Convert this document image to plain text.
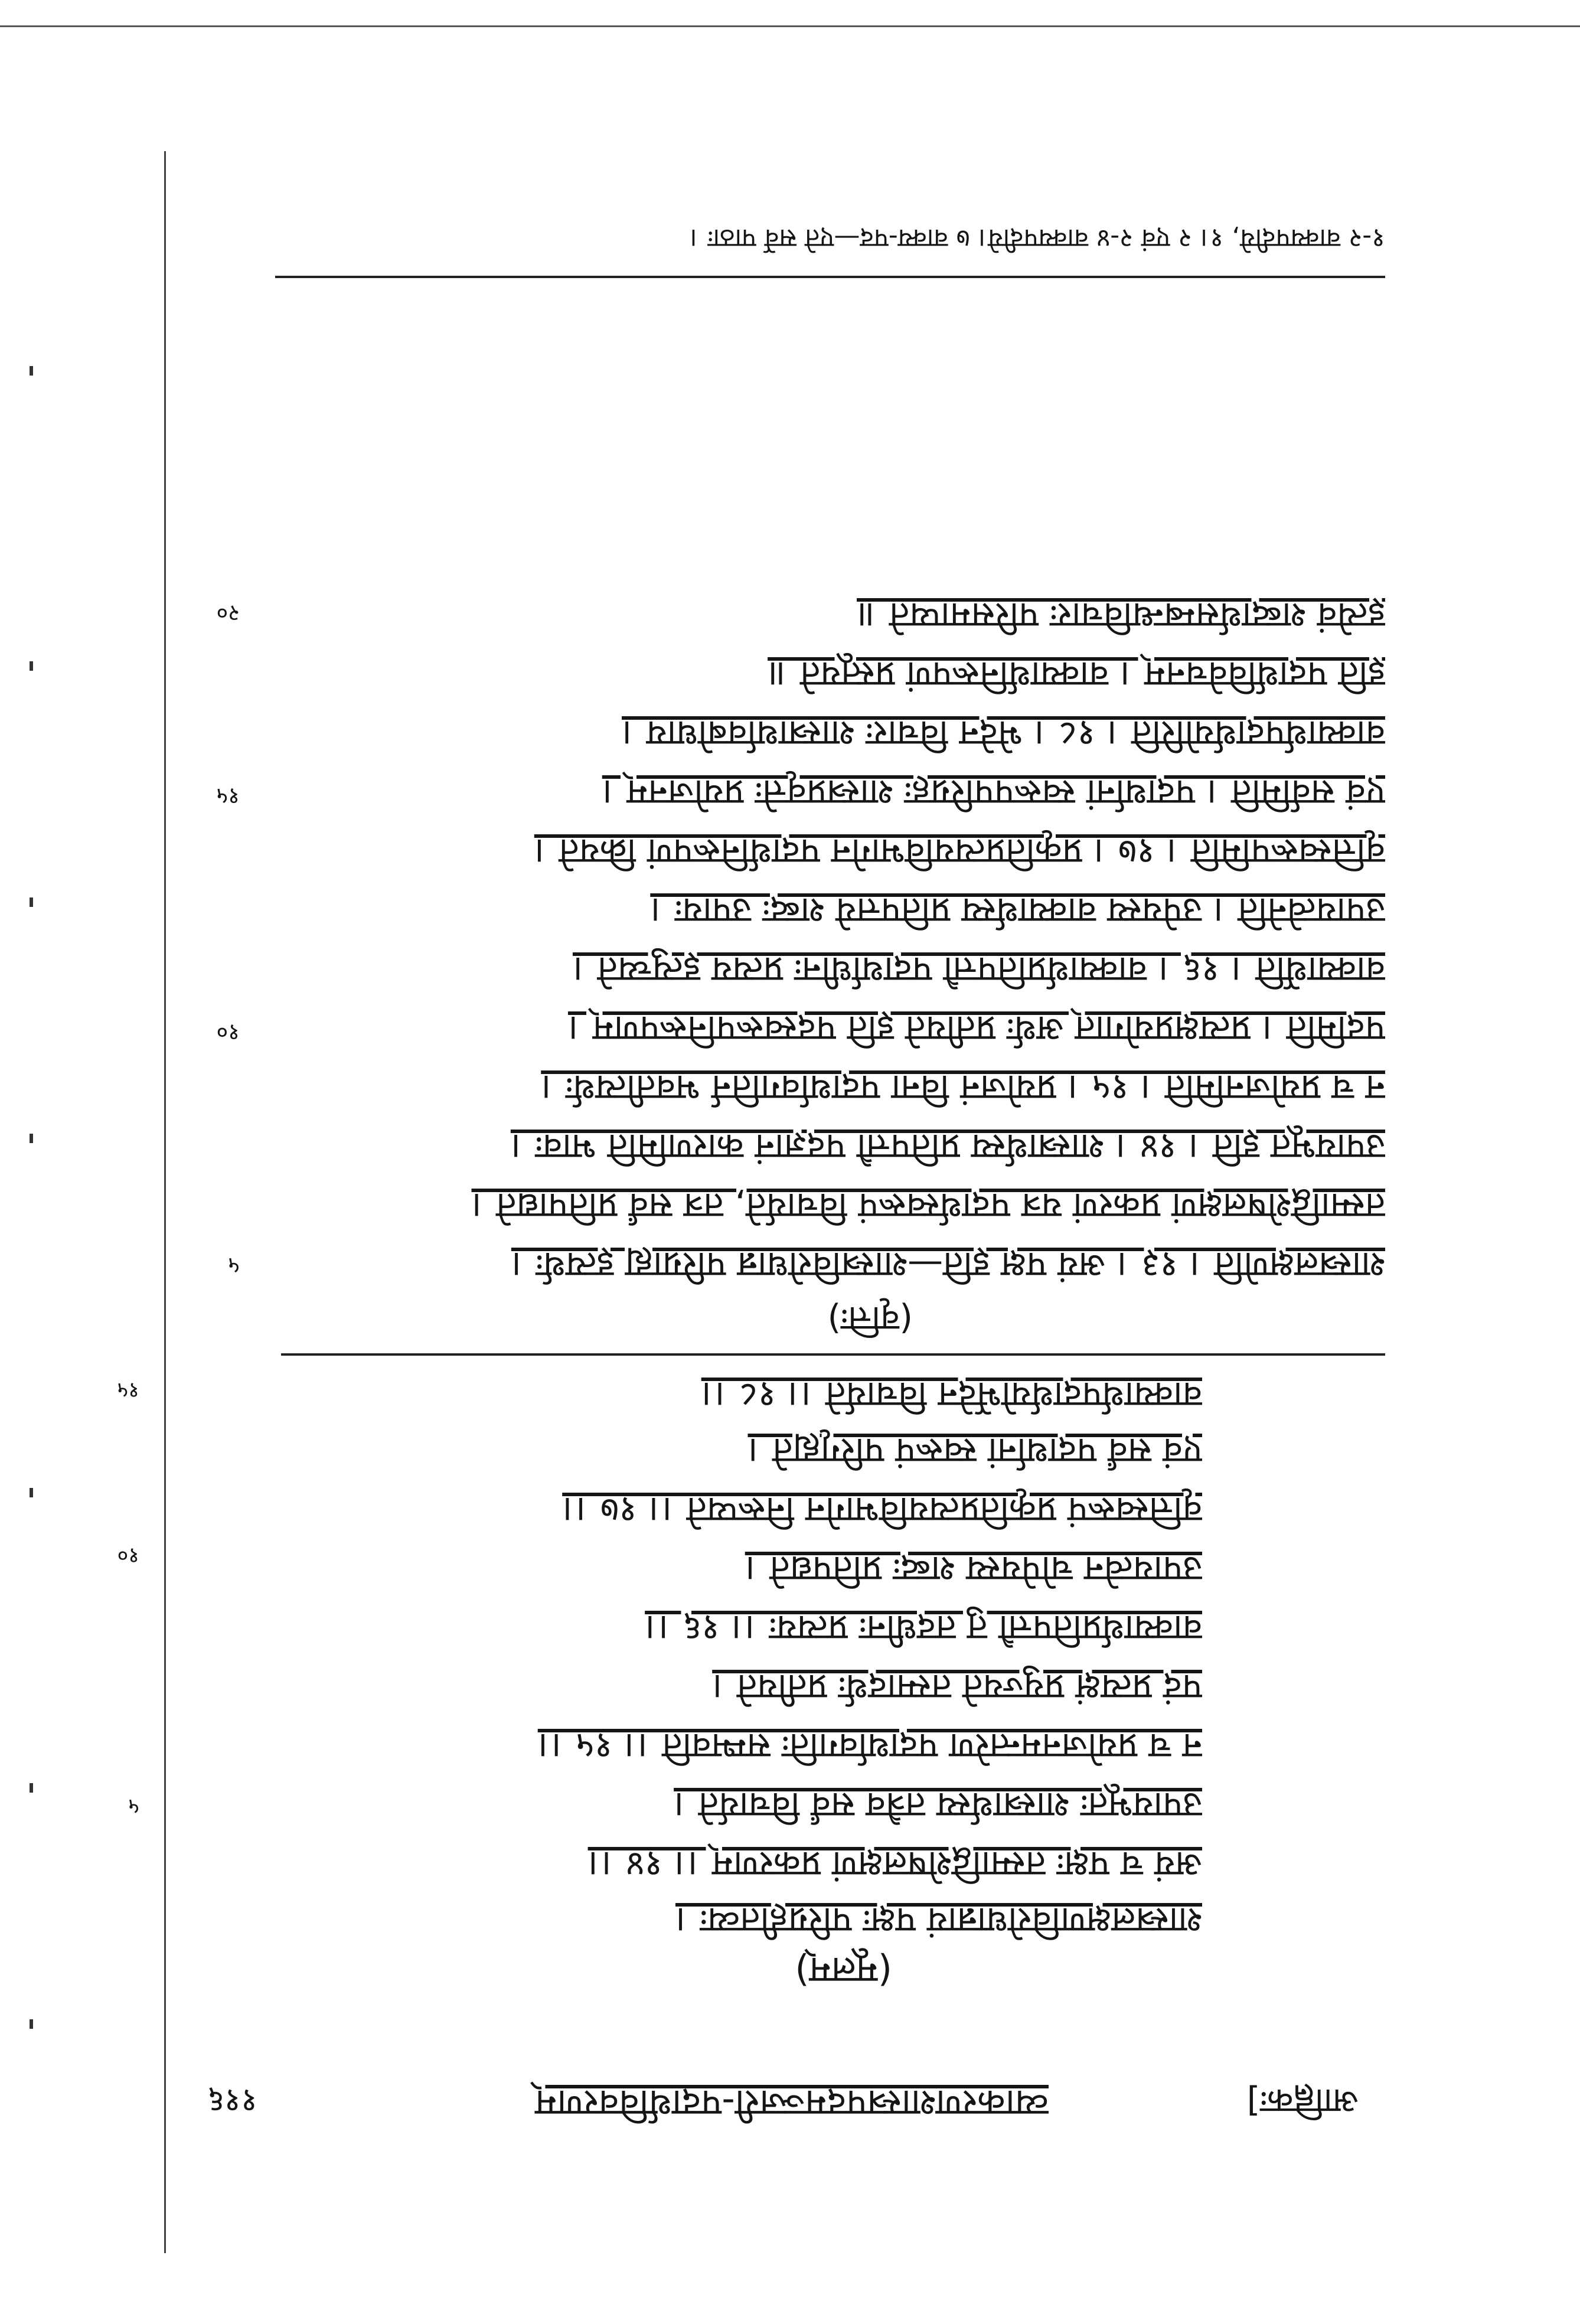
आह्निकः]
व्याकरणशास्त्रपदमञ्जरी-पदार्थविवरणम्
११६
(मूलम्)
शास्त्रलक्षणविरोधान्नायं पक्षः परिग्रहीतव्यः ।
अयं च पक्षः तस्माद्विशेषलक्षणं प्रकरणम् ।। १४ ।।
उपायभूतः शास्त्रार्थस्य तत्रैव सर्वं विचार्यते ।
न च प्रयोजनमन्तरेण पदार्थावगतिः सम्भवति ।। १५ ।।
पदं प्रत्यक्षं प्रयुज्यते तस्मादर्थः प्रतीयते ।
वाक्यार्थप्रतिपत्तौ तु तदधीनः प्रत्ययः ।। १६ ।।
उपायत्वेन चोपेयस्य शब्दः प्रतिपद्यते ।
वृत्तिस्वरूपं प्रकृतिप्रत्ययविभागेन निरूप्यते ।। १७ ।।
एवं सर्वं पदार्थानां स्वरूपं परिगृह्यते ।
वाक्यार्थपदार्थयोर्भेदेन विचार्यते ।। १८ ।।
५
१०
१५
(वृत्तिः)
शास्त्रलक्षणेति । १३ । अयं पक्ष इति—शास्त्रविरोधान्न परिग्राह्य इत्यर्थः ।
तस्माद्विशेषलक्षणं प्रकरणं यत्र पदार्थस्वरूपं विचार्यते, तत्र सर्वं प्रतिपाद्यते ।
उपायभूत इति । १४ । शास्त्रार्थस्य प्रतिपत्तौ पदज्ञानं कारणमिति भावः ।
न च प्रयोजनमिति । १५ । प्रयोजनं विना पदार्थावगतिर्न भवतीत्यर्थः ।
पदमिति । प्रत्यक्षप्रयोगात् अर्थः प्रतीयते इति पदस्वरूपनिरूपणम् ।
वाक्यार्थेति । १६ । वाक्यार्थप्रतिपत्तौ पदार्थाधीनः प्रत्यय इत्युच्यते ।
उपायत्वेनेति । उपेयस्य वाक्यार्थस्य प्रतिपत्तये शब्दः उपायः ।
वृत्तिस्वरूपमिति । १७ । प्रकृतिप्रत्ययविभागेन पदार्थनिरूपणं क्रियते ।
एवं सर्वमिति । पदार्थानां स्वरूपपरिग्रहः शास्त्रप्रवृत्तेः प्रयोजनम् ।
वाक्यार्थपदार्थयोरिति । १८ । भेदेन विचारः शास्त्रार्थावबोधाय ।
इति पदार्थविवेचनम् । वाक्यार्थनिरूपणं प्रस्तूयते ॥
इत्येवं शब्दार्थसम्बन्धविचारः परिसमाप्यते ॥
५
१०
१५
२०
१-२ वाक्यपदीये, १। २ एवं २-४ वाक्यपदीये। ७ वाक्य-पद—एते सर्वे पाठाः ।
